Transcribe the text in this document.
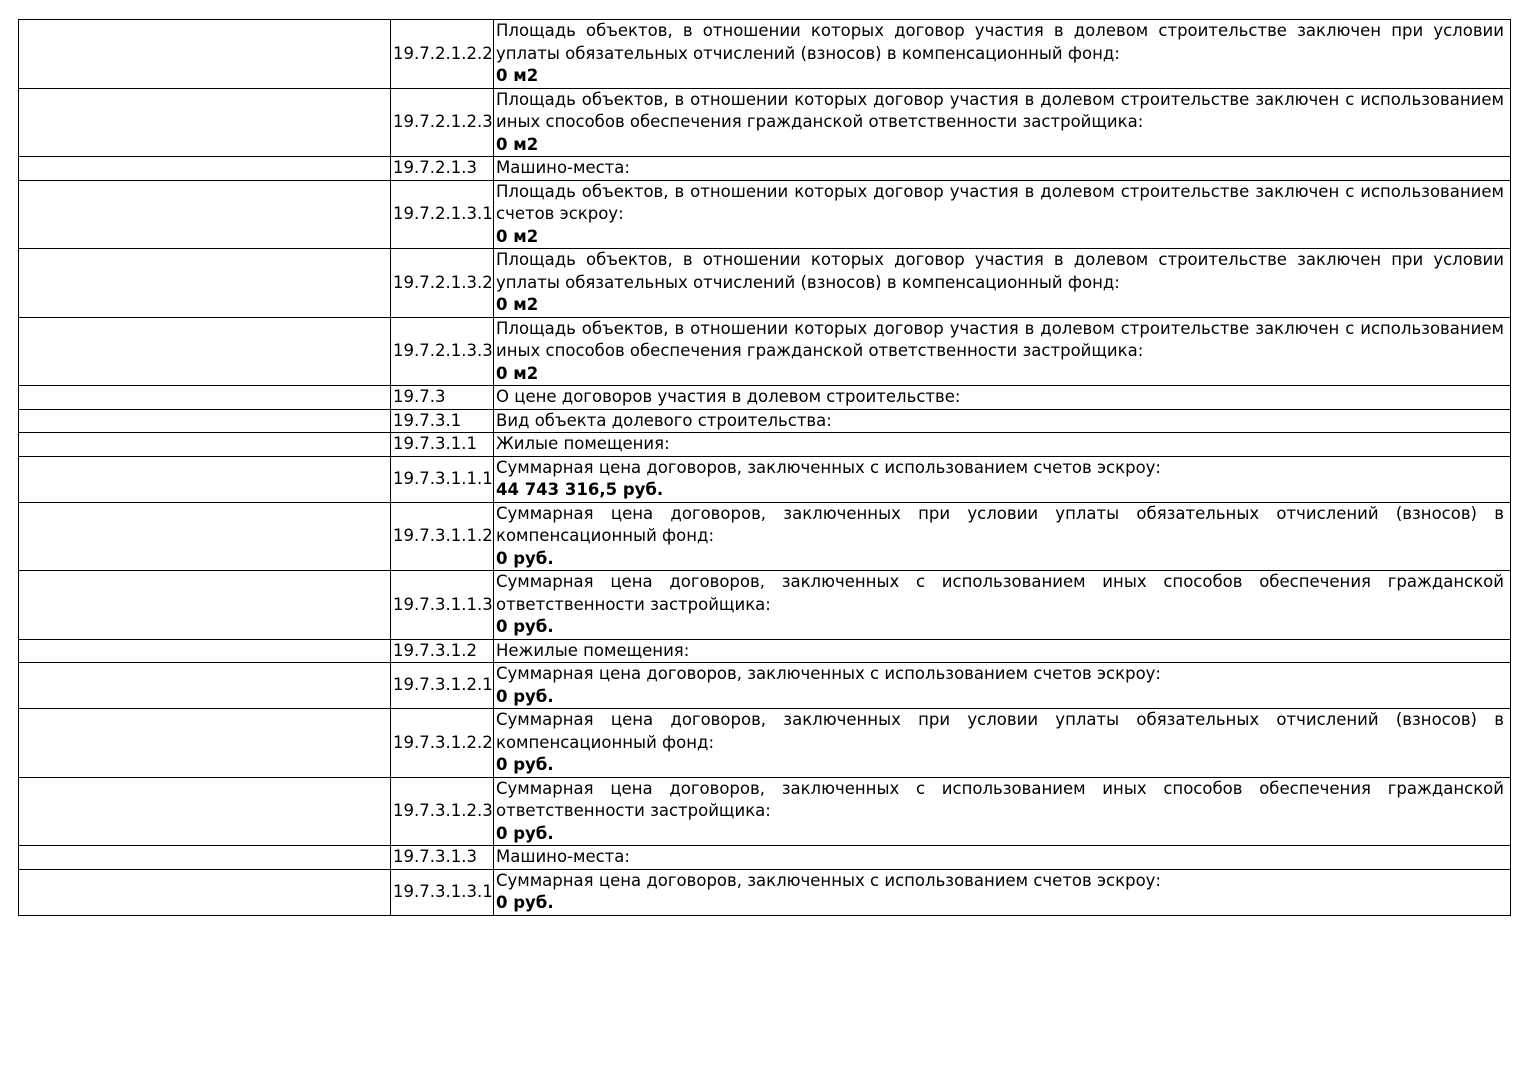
	19.7.2.1.2.2	Площадь объектов, в отношении которых договор участия в долевом строительстве заключен при условии уплаты обязательных отчислений (взносов) в компенсационный фонд:
0 м2

	19.7.2.1.2.3	Площадь объектов, в отношении которых договор участия в долевом строительстве заключен с использованием иных способов обеспечения гражданской ответственности застройщика:
0 м2

	19.7.2.1.3	Машино-места:

	19.7.2.1.3.1	Площадь объектов, в отношении которых договор участия в долевом строительстве заключен с использованием счетов эскроу:
0 м2

	19.7.2.1.3.2	Площадь объектов, в отношении которых договор участия в долевом строительстве заключен при условии уплаты обязательных отчислений (взносов) в компенсационный фонд:
0 м2

	19.7.2.1.3.3	Площадь объектов, в отношении которых договор участия в долевом строительстве заключен с использованием иных способов обеспечения гражданской ответственности застройщика:
0 м2

	19.7.3	О цене договоров участия в долевом строительстве:

	19.7.3.1	Вид объекта долевого строительства:

	19.7.3.1.1	Жилые помещения:

	19.7.3.1.1.1	Суммарная цена договоров, заключенных с использованием счетов эскроу:
44 743 316,5 руб.

	19.7.3.1.1.2	Суммарная цена договоров, заключенных при условии уплаты обязательных отчислений (взносов) в компенсационный фонд:
0 руб.

	19.7.3.1.1.3	Суммарная цена договоров, заключенных с использованием иных способов обеспечения гражданской ответственности застройщика:
0 руб.

	19.7.3.1.2	Нежилые помещения:

	19.7.3.1.2.1	Суммарная цена договоров, заключенных с использованием счетов эскроу:
0 руб.

	19.7.3.1.2.2	Суммарная цена договоров, заключенных при условии уплаты обязательных отчислений (взносов) в компенсационный фонд:
0 руб.

	19.7.3.1.2.3	Суммарная цена договоров, заключенных с использованием иных способов обеспечения гражданской ответственности застройщика:
0 руб.

	19.7.3.1.3	Машино-места:

	19.7.3.1.3.1	Суммарная цена договоров, заключенных с использованием счетов эскроу:
0 руб.
